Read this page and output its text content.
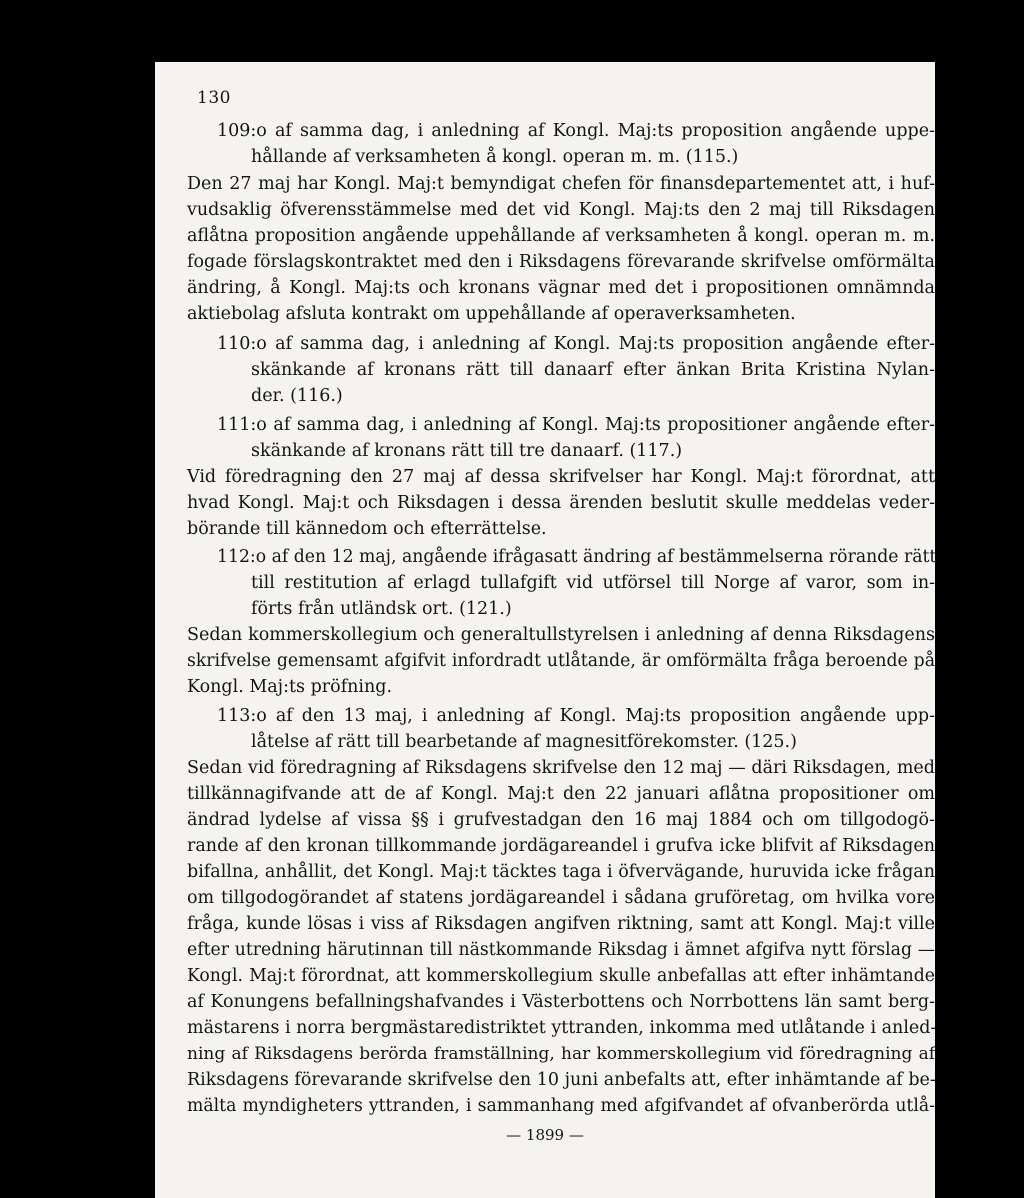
130
109:o af samma dag, i anledning af Kongl. Maj:ts proposition angående uppe-
hållande af verksamheten å kongl. operan m. m. (115.)
Den 27 maj har Kongl. Maj:t bemyndigat chefen för finansdepartementet att, i huf-
vudsaklig öfverensstämmelse med det vid Kongl. Maj:ts den 2 maj till Riksdagen
aflåtna proposition angående uppehållande af verksamheten å kongl. operan m. m.
fogade förslagskontraktet med den i Riksdagens förevarande skrifvelse omförmälta
ändring, å Kongl. Maj:ts och kronans vägnar med det i propositionen omnämnda
aktiebolag afsluta kontrakt om uppehållande af operaverksamheten.
110:o af samma dag, i anledning af Kongl. Maj:ts proposition angående efter-
skänkande af kronans rätt till danaarf efter änkan Brita Kristina Nylan-
der. (116.)
111:o af samma dag, i anledning af Kongl. Maj:ts propositioner angående efter-
skänkande af kronans rätt till tre danaarf. (117.)
Vid föredragning den 27 maj af dessa skrifvelser har Kongl. Maj:t förordnat, att
hvad Kongl. Maj:t och Riksdagen i dessa ärenden beslutit skulle meddelas veder-
börande till kännedom och efterrättelse.
112:o af den 12 maj, angående ifrågasatt ändring af bestämmelserna rörande rätt
till restitution af erlagd tullafgift vid utförsel till Norge af varor, som in-
förts från utländsk ort. (121.)
Sedan kommerskollegium och generaltullstyrelsen i anledning af denna Riksdagens
skrifvelse gemensamt afgifvit infordradt utlåtande, är omförmälta fråga beroende på
Kongl. Maj:ts pröfning.
113:o af den 13 maj, i anledning af Kongl. Maj:ts proposition angående upp-
låtelse af rätt till bearbetande af magnesitförekomster. (125.)
Sedan vid föredragning af Riksdagens skrifvelse den 12 maj — däri Riksdagen, med
tillkännagifvande att de af Kongl. Maj:t den 22 januari aflåtna propositioner om
ändrad lydelse af vissa §§ i grufvestadgan den 16 maj 1884 och om tillgodogö-
rande af den kronan tillkommande jordägareandel i grufva icke blifvit af Riksdagen
bifallna, anhållit, det Kongl. Maj:t täcktes taga i öfvervägande, huruvida icke frågan
om tillgodogörandet af statens jordägareandel i sådana gruföretag, om hvilka vore
fråga, kunde lösas i viss af Riksdagen angifven riktning, samt att Kongl. Maj:t ville
efter utredning härutinnan till nästkommande Riksdag i ämnet afgifva nytt förslag —
Kongl. Maj:t förordnat, att kommerskollegium skulle anbefallas att efter inhämtande
af Konungens befallningshafvandes i Västerbottens och Norrbottens län samt berg-
mästarens i norra bergmästaredistriktet yttranden, inkomma med utlåtande i anled-
ning af Riksdagens berörda framställning, har kommerskollegium vid föredragning af
Riksdagens förevarande skrifvelse den 10 juni anbefalts att, efter inhämtande af be-
mälta myndigheters yttranden, i sammanhang med afgifvandet af ofvanberörda utlå-
— 1899 —
